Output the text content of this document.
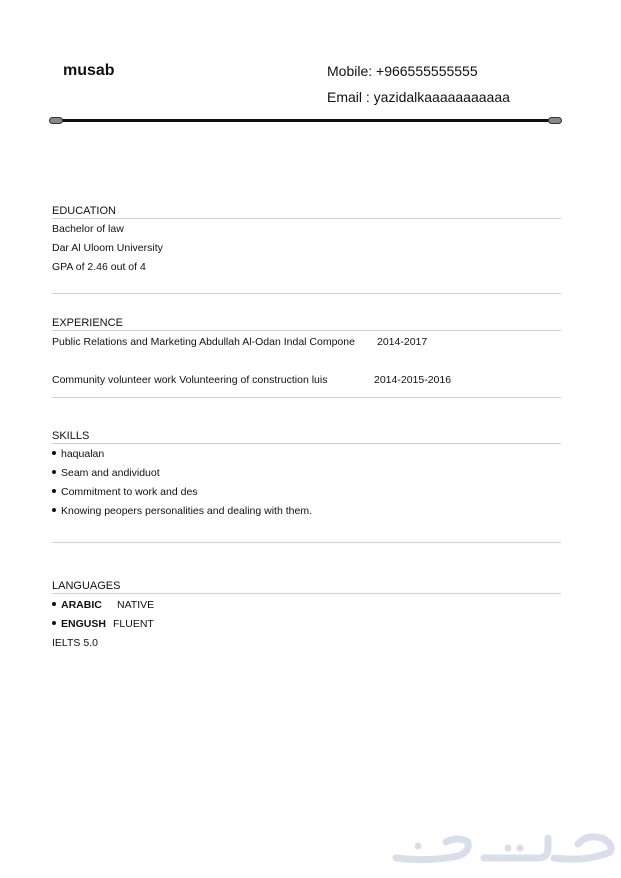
musab	Mobile: +966555555555
Email : yazidalkaaaaaaaaaaa
EDUCATION
Bachelor of law
Dar Al Uloom University
GPA of 2.46 out of 4
EXPERIENCE
Public Relations and Marketing Abdullah Al-Odan Indal Compone 2014-2017
Community volunteer work Volunteering of construction luis	2014-2015-2016
SKILLS
haqualan
Seam and andividuot
Commitment to work and des
Knowing peopers personalities and dealing with them.
LANGUAGES
ARABIC NATIVE
ENGUSH FLUENT
IELTS 5.0
